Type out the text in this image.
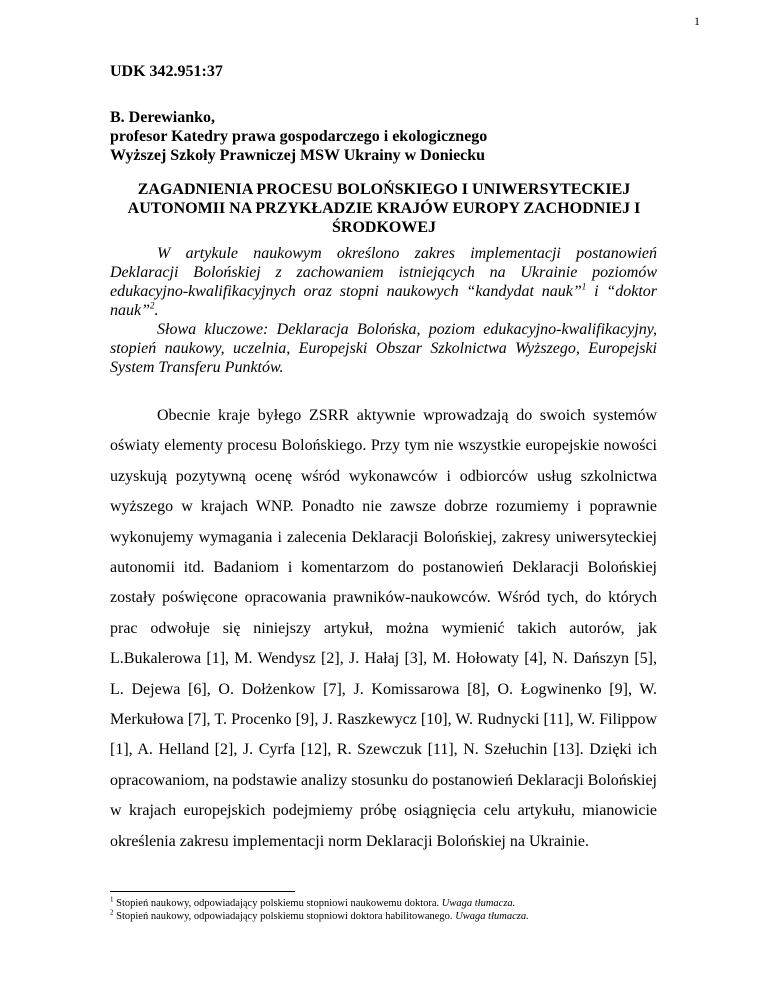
1
UDK 342.951:37
B. Derewianko,
profesor Katedry prawa gospodarczego i ekologicznego
Wyższej Szkoły Prawniczej MSW Ukrainy w Doniecku
ZAGADNIENIA PROCESU BOLOŃSKIEGO I UNIWERSYTECKIEJ AUTONOMII NA PRZYKŁADZIE KRAJÓW EUROPY ZACHODNIEJ I ŚRODKOWEJ

W artykule naukowym określono zakres implementacji postanowień Deklaracji Bolońskiej z zachowaniem istniejących na Ukrainie poziomów edukacyjno-kwalifikacyjnych oraz stopni naukowych “kandydat nauk”$^1$ i “doktor nauk”$^2$.

Słowa kluczowe: Deklaracja Bolońska, poziom edukacyjno-kwalifikacyjny, stopień naukowy, uczelnia, Europejski Obszar Szkolnictwa Wyższego, Europejski System Transferu Punktów.

Obecnie kraje byłego ZSRR aktywnie wprowadzają do swoich systemów oświaty elementy procesu Bolońskiego. Przy tym nie wszystkie europejskie nowości uzyskują pozytywną ocenę wśród wykonawców i odbiorców usług szkolnictwa wyższego w krajach WNP. Ponadto nie zawsze dobrze rozumiemy i poprawnie wykonujemy wymagania i zalecenia Deklaracji Bolońskiej, zakresy uniwersyteckiej autonomii itd. Badaniom i komentarzom do postanowień Deklaracji Bolońskiej zostały poświęcone opracowania prawników-naukowców. Wśród tych, do których prac odwołuje się niniejszy artykuł, można wymienić takich autorów, jak L.Bukalerowa [1], M. Wendysz [2], J. Hałaj [3], M. Hołowaty [4], N. Dańszyn [5], L. Dejewa [6], O. Dołżenkow [7], J. Komissarowa [8], O. Łogwinenko [9], W. Merkułowa [7], T. Procenko [9], J. Raszkewycz [10], W. Rudnycki [11], W. Filippow [1], A. Helland [2], J. Cyrfa [12], R. Szewczuk [11], N. Szełuchin [13]. Dzięki ich opracowaniom, na podstawie analizy stosunku do postanowień Deklaracji Bolońskiej w krajach europejskich podejmiemy próbę osiągnięcia celu artykułu, mianowicie określenia zakresu implementacji norm Deklaracji Bolońskiej na Ukrainie.

$^1$ Stopień naukowy, odpowiadający polskiemu stopniowi naukowemu doktora. Uwaga tłumacza.
$^2$ Stopień naukowy, odpowiadający polskiemu stopniowi doktora habilitowanego. Uwaga tłumacza.
